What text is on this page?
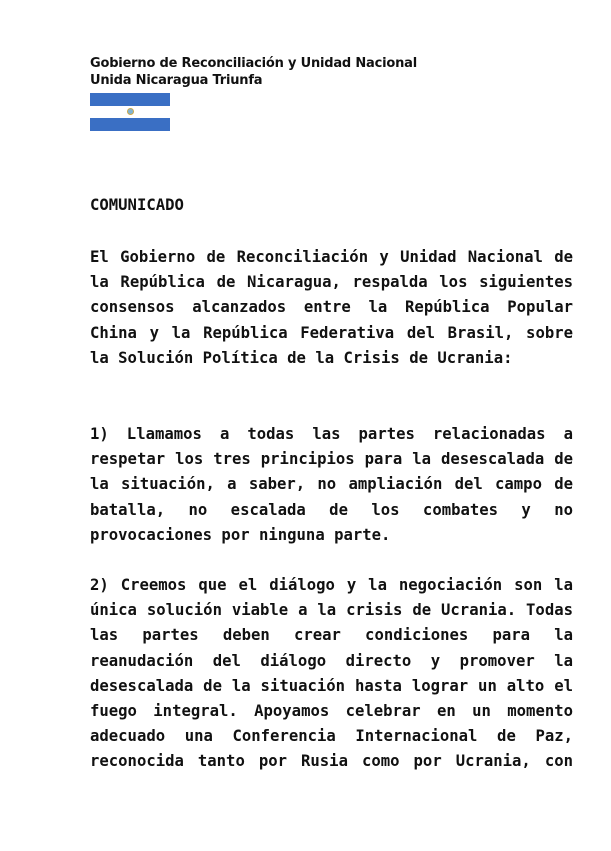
Gobierno de Reconciliación y Unidad Nacional
Unida Nicaragua Triunfa
COMUNICADO

El Gobierno de Reconciliación y Unidad Nacional de la República de Nicaragua, respalda los siguientes consensos alcanzados entre la República Popular China y la República Federativa del Brasil, sobre la Solución Política de la Crisis de Ucrania:

1) Llamamos a todas las partes relacionadas a respetar los tres principios para la desescalada de la situación, a saber, no ampliación del campo de batalla, no escalada de los combates y no provocaciones por ninguna parte.

2) Creemos que el diálogo y la negociación son la única solución viable a la crisis de Ucrania. Todas las partes deben crear condiciones para la reanudación del diálogo directo y promover la desescalada de la situación hasta lograr un alto el fuego integral. Apoyamos celebrar en un momento adecuado una Conferencia Internacional de Paz, reconocida tanto por Rusia como por Ucrania, con
